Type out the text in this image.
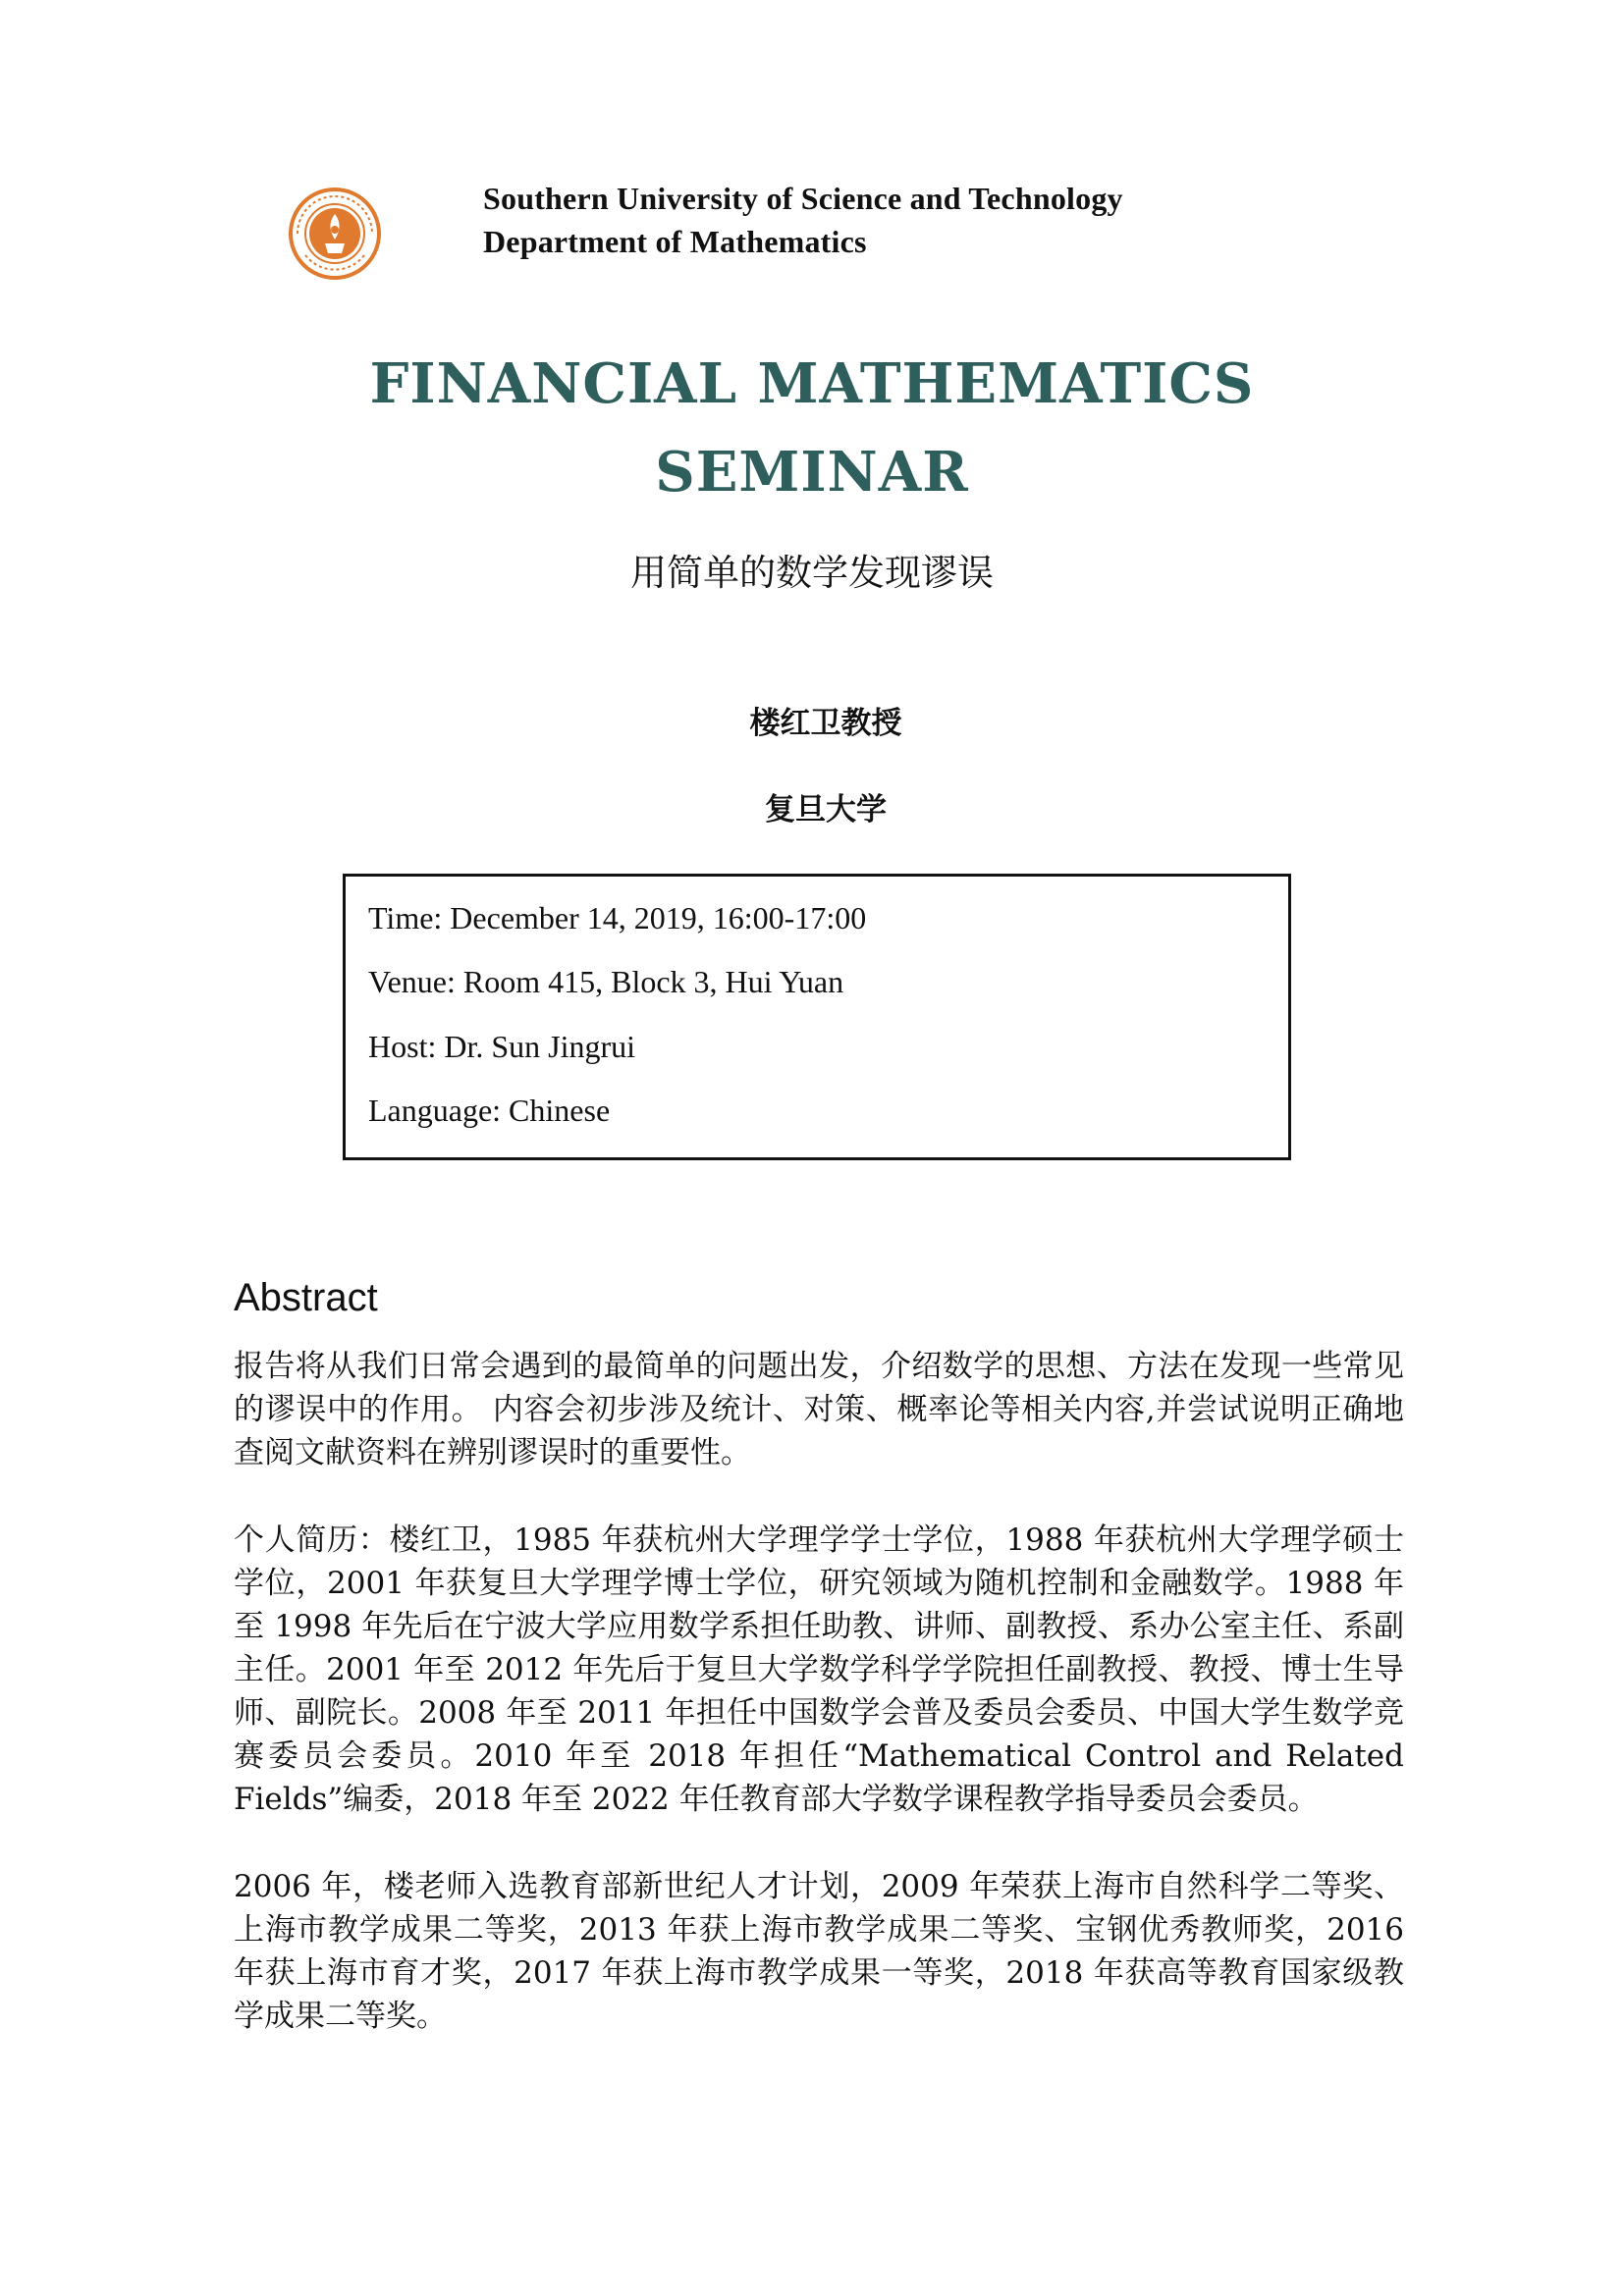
Southern University of Science and Technology
Department of Mathematics
FINANCIAL MATHEMATICS
SEMINAR
用简单的数学发现谬误
楼红卫教授
复旦大学
Time: December 14, 2019, 16:00-17:00
Venue: Room 415, Block 3, Hui Yuan
Host: Dr. Sun Jingrui
Language: Chinese
Abstract
报告将从我们日常会遇到的最简单的问题出发，介绍数学的思想、方法在发现一些常见的谬误中的作用。 内容会初步涉及统计、对策、概率论等相关内容,并尝试说明正确地查阅文献资料在辨别谬误时的重要性。
个人简历：楼红卫，1985 年获杭州大学理学学士学位，1988 年获杭州大学理学硕士学位，2001 年获复旦大学理学博士学位，研究领域为随机控制和金融数学。1988 年至 1998 年先后在宁波大学应用数学系担任助教、讲师、副教授、系办公室主任、系副主任。2001 年至 2012 年先后于复旦大学数学科学学院担任副教授、教授、博士生导师、副院长。2008 年至 2011 年担任中国数学会普及委员会委员、中国大学生数学竞赛委员会委员。2010 年至 2018 年担任“Mathematical Control and Related Fields”编委，2018 年至 2022 年任教育部大学数学课程教学指导委员会委员。
2006 年，楼老师入选教育部新世纪人才计划，2009 年荣获上海市自然科学二等奖、上海市教学成果二等奖，2013 年获上海市教学成果二等奖、宝钢优秀教师奖，2016 年获上海市育才奖，2017 年获上海市教学成果一等奖，2018 年获高等教育国家级教学成果二等奖。
